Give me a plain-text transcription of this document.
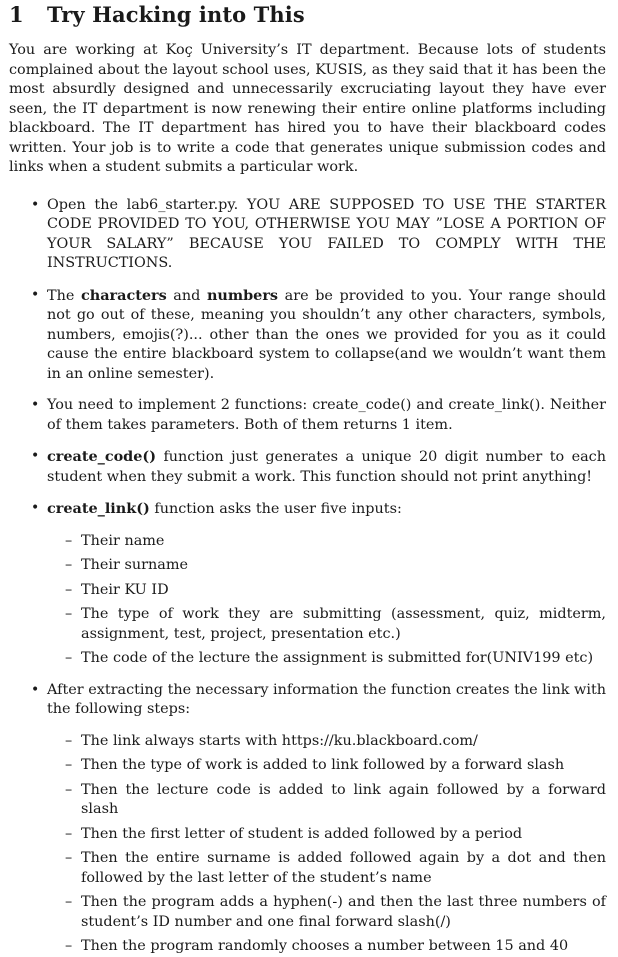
1 Try Hacking into This

You are working at Koç University’s IT department. Because lots of students complained about the layout school uses, KUSIS, as they said that it has been the most absurdly designed and unnecessarily excruciating layout they have ever seen, the IT department is now renewing their entire online platforms including blackboard. The IT department has hired you to have their blackboard codes written. Your job is to write a code that generates unique submission codes and links when a student submits a particular work.

• Open the lab6_starter.py. YOU ARE SUPPOSED TO USE THE STARTER CODE PROVIDED TO YOU, OTHERWISE YOU MAY ”LOSE A PORTION OF YOUR SALARY” BECAUSE YOU FAILED TO COMPLY WITH THE INSTRUCTIONS.
• The characters and numbers are be provided to you. Your range should not go out of these, meaning you shouldn’t any other characters, symbols, numbers, emojis(?)... other than the ones we provided for you as it could cause the entire blackboard system to collapse(and we wouldn’t want them in an online semester).
• You need to implement 2 functions: create_code() and create_link(). Neither of them takes parameters. Both of them returns 1 item.
• create_code() function just generates a unique 20 digit number to each student when they submit a work. This function should not print anything!
• create_link() function asks the user five inputs:
– Their name
– Their surname
– Their KU ID
– The type of work they are submitting (assessment, quiz, midterm, assignment, test, project, presentation etc.)
– The code of the lecture the assignment is submitted for(UNIV199 etc)
• After extracting the necessary information the function creates the link with the following steps:
– The link always starts with https://ku.blackboard.com/
– Then the type of work is added to link followed by a forward slash
– Then the lecture code is added to link again followed by a forward slash
– Then the first letter of student is added followed by a period
– Then the entire surname is added followed again by a dot and then followed by the last letter of the student’s name
– Then the program adds a hyphen(-) and then the last three numbers of student’s ID number and one final forward slash(/)
– Then the program randomly chooses a number between 15 and 40
